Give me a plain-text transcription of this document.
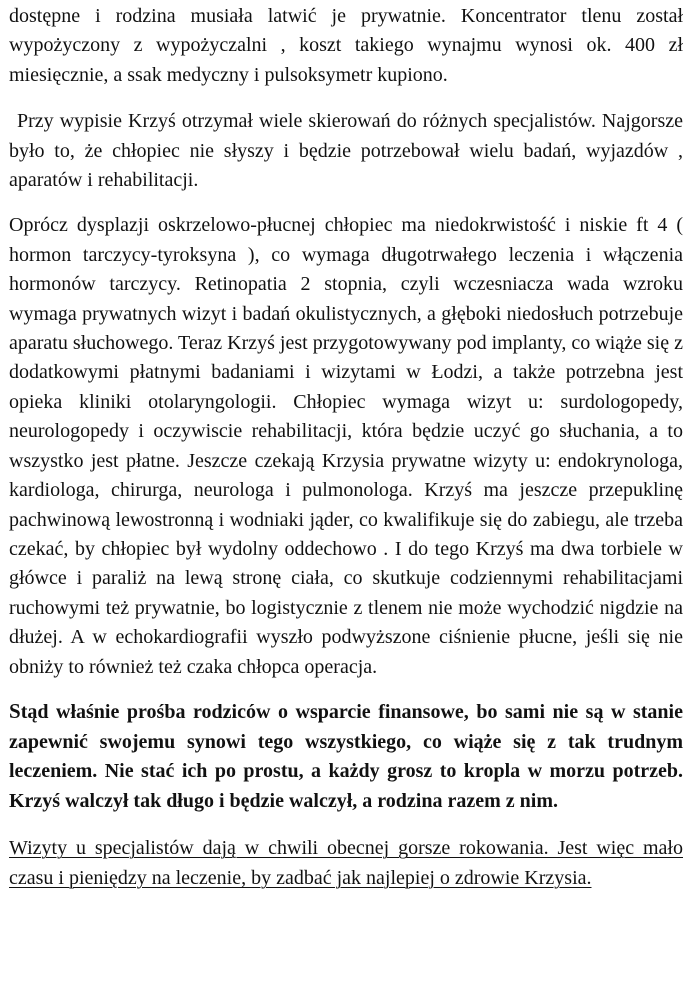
dostępne i rodzina musiała latwić je prywatnie. Koncentrator tlenu został wypożyczony z wypożyczalni , koszt takiego wynajmu wynosi ok. 400 zł miesięcznie, a ssak medyczny i pulsoksymetr kupiono.

Przy wypisie Krzyś otrzymał wiele skierowań do różnych specjalistów. Najgorsze było to, że chłopiec nie słyszy i będzie potrzebował wielu badań, wyjazdów , aparatów i rehabilitacji.

Oprócz dysplazji oskrzelowo-płucnej chłopiec ma niedokrwistość i niskie ft 4 ( hormon tarczycy-tyroksyna ), co wymaga długotrwałego leczenia i włączenia hormonów tarczycy. Retinopatia 2 stopnia, czyli wczesniacza wada wzroku wymaga prywatnych wizyt i badań okulistycznych, a głęboki niedosłuch potrzebuje aparatu słuchowego. Teraz Krzyś jest przygotowywany pod implanty, co wiąże się z dodatkowymi płatnymi badaniami i wizytami w Łodzi, a także potrzebna jest opieka kliniki otolaryngologii. Chłopiec wymaga wizyt u: surdologopedy, neurologopedy i oczywiscie rehabilitacji, która będzie uczyć go słuchania, a to wszystko jest płatne. Jeszcze czekają Krzysia prywatne wizyty u: endokrynologa, kardiologa, chirurga, neurologa i pulmonologa. Krzyś ma jeszcze przepuklinę pachwinową lewostronną i wodniaki jąder, co kwalifikuje się do zabiegu, ale trzeba czekać, by chłopiec był wydolny oddechowo . I do tego Krzyś ma dwa torbiele w główce i paraliż na lewą stronę ciała, co skutkuje codziennymi rehabilitacjami ruchowymi też prywatnie, bo logistycznie z tlenem nie może wychodzić nigdzie na dłużej. A w echokardiografii wyszło podwyższone ciśnienie płucne, jeśli się nie obniży to również też czaka chłopca operacja.

Stąd właśnie prośba rodziców o wsparcie finansowe, bo sami nie są w stanie zapewnić swojemu synowi tego wszystkiego, co wiąże się z tak trudnym leczeniem. Nie stać ich po prostu, a każdy grosz to kropla w morzu potrzeb. Krzyś walczył tak długo i będzie walczył, a rodzina razem z nim.

Wizyty u specjalistów dają w chwili obecnej gorsze rokowania. Jest więc mało czasu i pieniędzy na leczenie, by zadbać jak najlepiej o zdrowie Krzysia.
